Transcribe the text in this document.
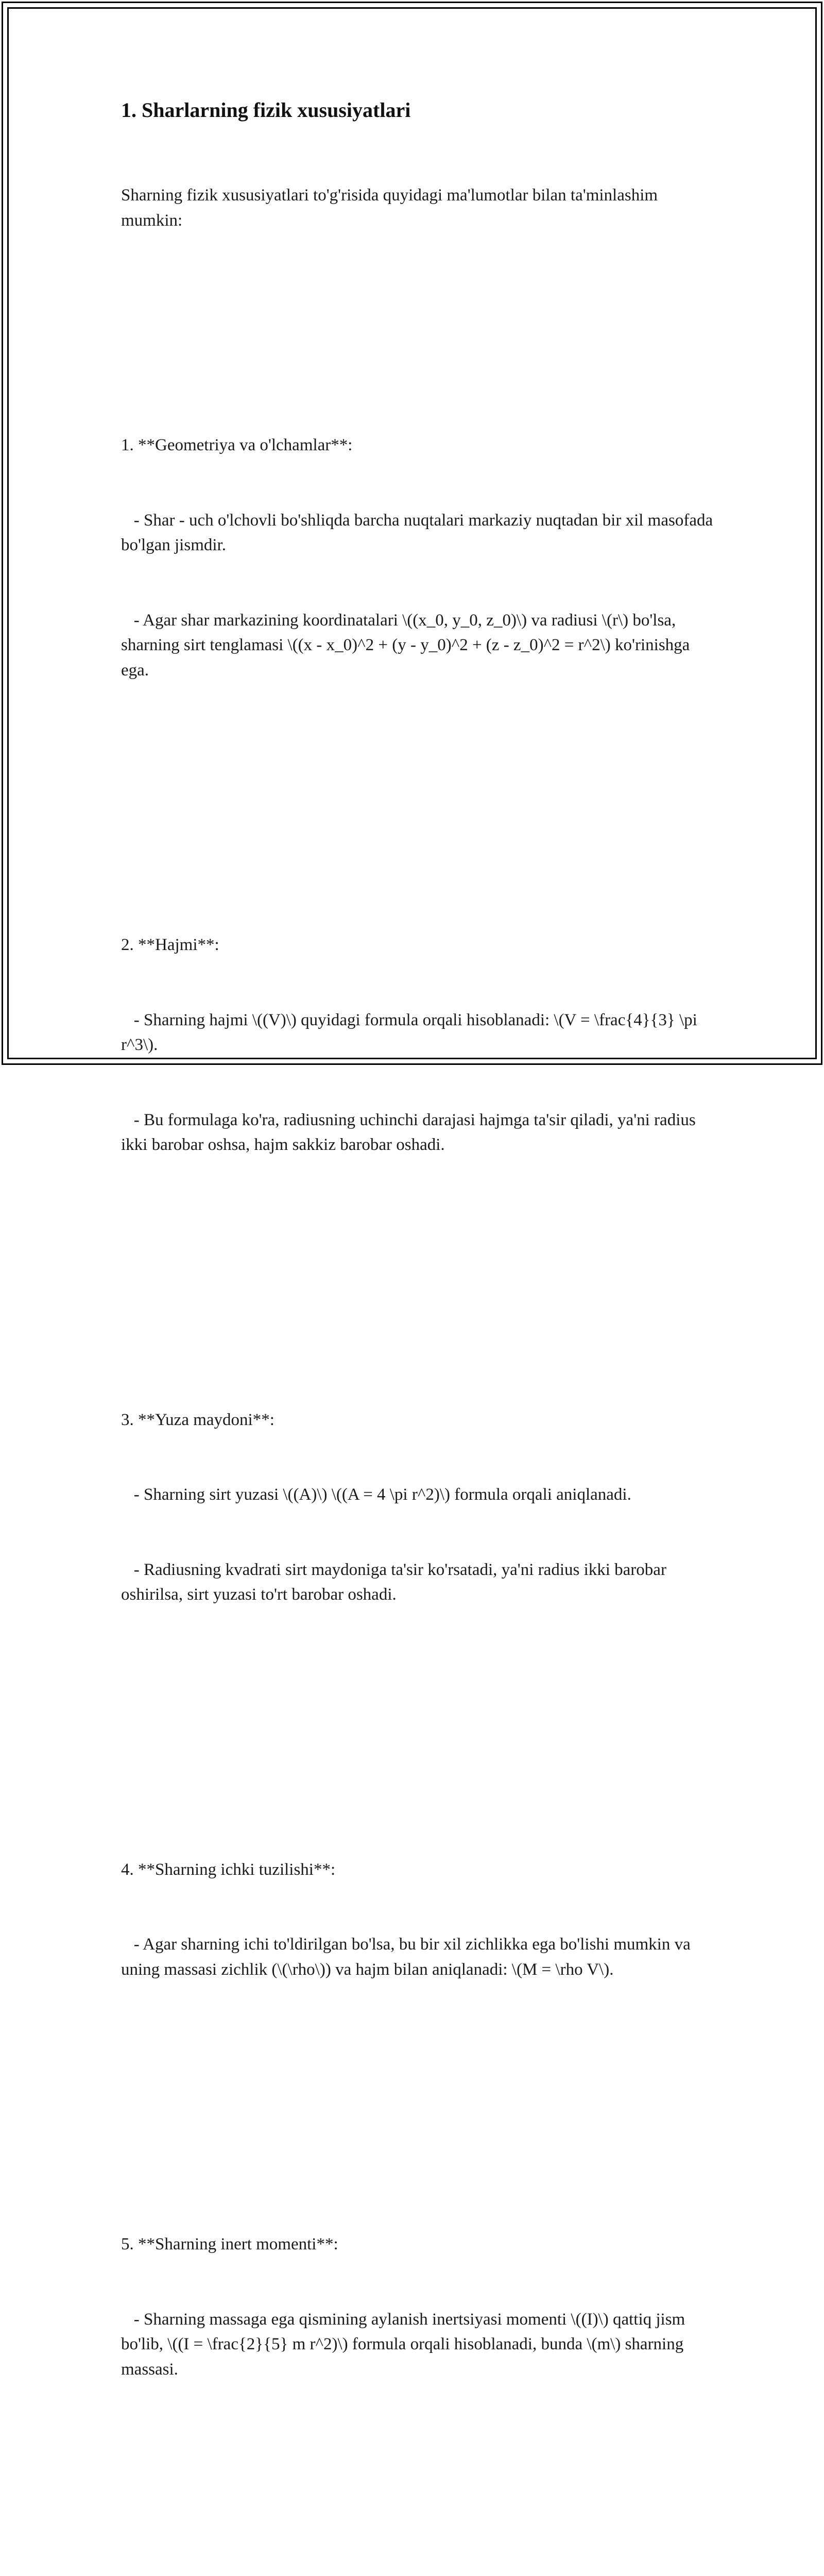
1. Sharlarning fizik xususiyatlari

Sharning fizik xususiyatlari to'g'risida quyidagi ma'lumotlar bilan ta'minlashim mumkin:

1. **Geometriya va o'lchamlar**:

- Shar - uch o'lchovli bo'shliqda barcha nuqtalari markaziy nuqtadan bir xil masofada bo'lgan jismdir.

- Agar shar markazining koordinatalari \((x_0, y_0, z_0)\) va radiusi \(r\) bo'lsa, sharning sirt tenglamasi \((x - x_0)^2 + (y - y_0)^2 + (z - z_0)^2 = r^2\) ko'rinishga ega.

2. **Hajmi**:

- Sharning hajmi \((V)\) quyidagi formula orqali hisoblanadi: \(V = \frac{4}{3} \pi r^3\).

- Bu formulaga ko'ra, radiusning uchinchi darajasi hajmga ta'sir qiladi, ya'ni radius ikki barobar oshsa, hajm sakkiz barobar oshadi.

3. **Yuza maydoni**:

- Sharning sirt yuzasi \((A)\) \((A = 4 \pi r^2)\) formula orqali aniqlanadi.

- Radiusning kvadrati sirt maydoniga ta'sir ko'rsatadi, ya'ni radius ikki barobar oshirilsa, sirt yuzasi to'rt barobar oshadi.

4. **Sharning ichki tuzilishi**:

- Agar sharning ichi to'ldirilgan bo'lsa, bu bir xil zichlikka ega bo'lishi mumkin va uning massasi zichlik (\(\rho\)) va hajm bilan aniqlanadi: \(M = \rho V\).

5. **Sharning inert momenti**:

- Sharning massaga ega qismining aylanish inertsiyasi momenti \((I)\) qattiq jism bo'lib, \((I = \frac{2}{5} m r^2)\) formula orqali hisoblanadi, bunda \(m\) sharning massasi.
